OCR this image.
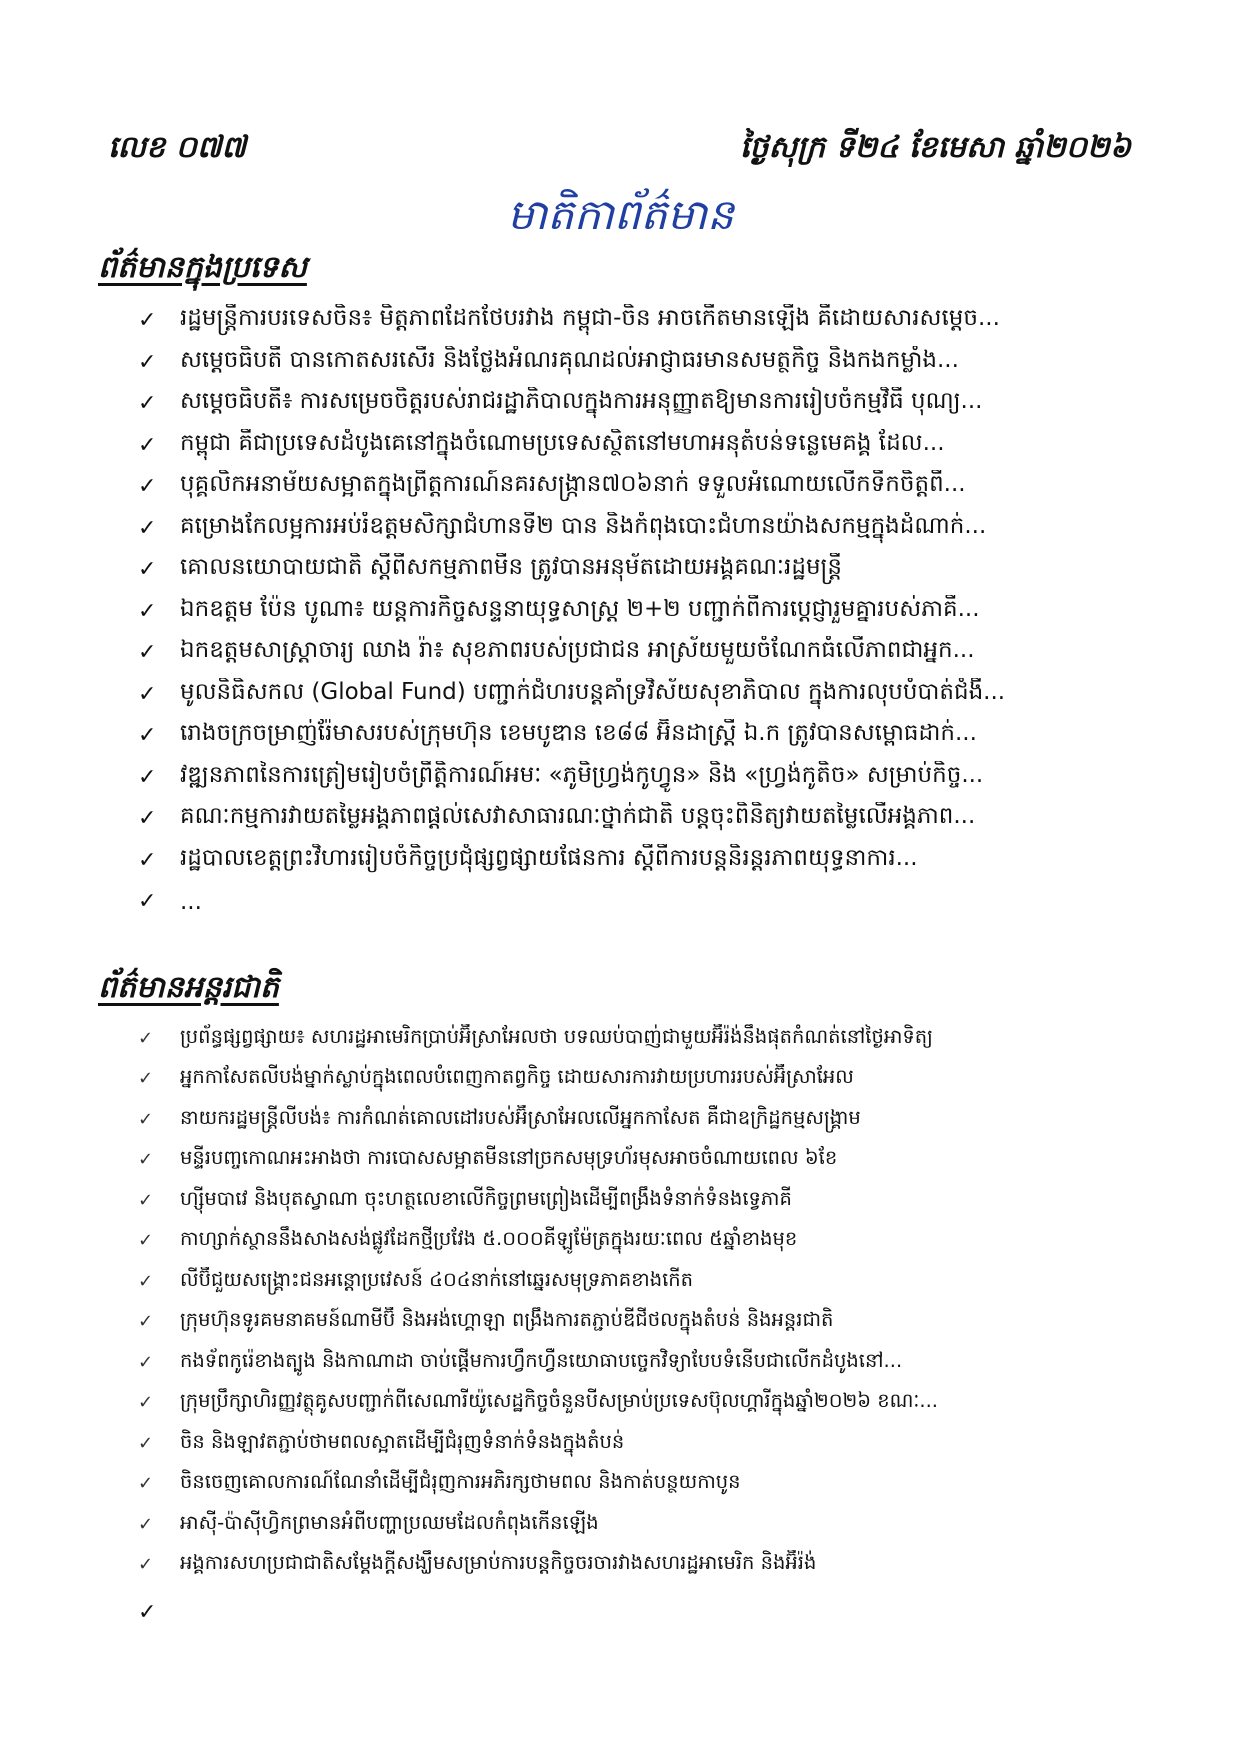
លេខ ០៧៧	ថ្ងៃសុក្រ ទី២៤ ខែមេសា ឆ្នាំ២០២៦
មាតិកាព័ត៌មាន
ព័ត៌មានក្នុងប្រទេស
✓	រដ្ឋមន្ត្រីការបរទេសចិន៖ មិត្តភាពដែកថែបរវាង កម្ពុជា-ចិន អាចកើតមានឡើង គឺដោយសារសម្តេច...
✓	សម្តេចធិបតី បានកោតសរសើរ និងថ្លែងអំណរគុណដល់អាជ្ញាធរមានសមត្ថកិច្ច និងកងកម្លាំង...
✓	សម្តេចធិបតី៖ ការសម្រេចចិត្តរបស់រាជរដ្ឋាភិបាលក្នុងការអនុញ្ញាតឱ្យមានការរៀបចំកម្មវិធី បុណ្យ...
✓	កម្ពុជា គឺជាប្រទេសដំបូងគេនៅក្នុងចំណោមប្រទេសស្ថិតនៅមហាអនុតំបន់ទន្លេមេគង្គ ដែល...
✓	បុគ្គលិកអនាម័យសម្អាតក្នុងព្រឹត្តការណ៍នគរសង្ក្រាន៧០៦នាក់ ទទួលអំណោយលើកទឹកចិត្តពី...
✓	គម្រោងកែលម្អការអប់រំឧត្តមសិក្សាជំហានទី២ បាន និងកំពុងបោះជំហានយ៉ាងសកម្មក្នុងដំណាក់...
✓	គោលនយោបាយជាតិ ស្តីពីសកម្មភាពមីន ត្រូវបានអនុម័តដោយអង្គគណៈរដ្ឋមន្ត្រី
✓	ឯកឧត្តម ប៉ែន បូណា៖ យន្តការកិច្ចសន្ទនាយុទ្ធសាស្ត្រ ២+២ បញ្ជាក់ពីការប្តេជ្ញារួមគ្នារបស់ភាគី...
✓	ឯកឧត្តមសាស្ត្រាចារ្យ ឈាង រ៉ា៖ សុខភាពរបស់ប្រជាជន អាស្រ័យមួយចំណែកធំលើភាពជាអ្នក...
✓	មូលនិធិសកល (Global Fund) បញ្ជាក់ជំហរបន្តគាំទ្រវិស័យសុខាភិបាល ក្នុងការលុបបំបាត់ជំងឺ...
✓	រោងចក្រចម្រាញ់រ៉ែមាសរបស់ក្រុមហ៊ុន ខេមបូឌាន ខេ៨៨ អ៊ិនដាស្ត្រី ឯ.ក ត្រូវបានសម្ពោធដាក់...
✓	វឌ្ឍនភាពនៃការត្រៀមរៀបចំព្រឹត្តិការណ៍អមៈ «ភូមិហ្វ្រង់កូហ្វូន» និង «ហ្វ្រង់កូតិច» សម្រាប់កិច្ច...
✓	គណៈកម្មការវាយតម្លៃអង្គភាពផ្តល់សេវាសាធារណៈថ្នាក់ជាតិ បន្តចុះពិនិត្យវាយតម្លៃលើអង្គភាព...
✓	រដ្ឋបាលខេត្តព្រះវិហាររៀបចំកិច្ចប្រជុំផ្សព្វផ្សាយផែនការ ស្តីពីការបន្តនិរន្តរភាពយុទ្ធនាការ...
✓	...
ព័ត៌មានអន្តរជាតិ
✓	ប្រព័ន្ធផ្សព្វផ្សាយ៖ សហរដ្ឋអាមេរិកប្រាប់អ៊ីស្រាអែលថា បទឈប់បាញ់ជាមួយអ៊ីរ៉ង់នឹងផុតកំណត់នៅថ្ងៃអាទិត្យ
✓	អ្នកកាសែតលីបង់ម្នាក់ស្លាប់ក្នុងពេលបំពេញកាតព្វកិច្ច ដោយសារការវាយប្រហាររបស់អ៊ីស្រាអែល
✓	នាយករដ្ឋមន្ត្រីលីបង់៖ ការកំណត់គោលដៅរបស់អ៊ីស្រាអែលលើអ្នកកាសែត គឺជាឧក្រិដ្ឋកម្មសង្គ្រាម
✓	មន្ទីរបញ្ចកោណអះអាងថា ការបោសសម្អាតមីននៅច្រកសមុទ្រហ័រមុសអាចចំណាយពេល ៦ខែ
✓	ហ្ស៊ីមបាវេ និងបុតស្វាណា ចុះហត្ថលេខាលើកិច្ចព្រមព្រៀងដើម្បីពង្រឹងទំនាក់ទំនងទ្វេភាគី
✓	កាហ្សាក់ស្ថាននឹងសាងសង់ផ្លូវដែកថ្មីប្រវែង ៥.០០០គីឡូម៉ែត្រក្នុងរយៈពេល ៥ឆ្នាំខាងមុខ
✓	លីប៊ីជួយសង្គ្រោះជនអន្តោប្រវេសន៍ ៤០៤នាក់នៅឆ្នេរសមុទ្រភាគខាងកើត
✓	ក្រុមហ៊ុនទូរគមនាគមន៍ណាមីប៊ី និងអង់ហ្គោឡា ពង្រឹងការតភ្ជាប់ឌីជីថលក្នុងតំបន់ និងអន្តរជាតិ
✓	កងទ័ពកូរ៉េខាងត្បូង និងកាណាដា ចាប់ផ្តើមការហ្វឹកហ្វឺនយោធាបច្ចេកវិទ្យាបែបទំនើបជាលើកដំបូងនៅ...
✓	ក្រុមប្រឹក្សាហិរញ្ញវត្ថុគូសបញ្ជាក់ពីសេណារីយ៉ូសេដ្ឋកិច្ចចំនួនបីសម្រាប់ប្រទេសប៊ុលហ្គារីក្នុងឆ្នាំ២០២៦ ខណៈ...
✓	ចិន និងឡាវតភ្ជាប់ថាមពលស្អាតដើម្បីជំរុញទំនាក់ទំនងក្នុងតំបន់
✓	ចិនចេញគោលការណ៍ណែនាំដើម្បីជំរុញការអភិរក្សថាមពល និងកាត់បន្ថយកាបូន
✓	អាស៊ី-ប៉ាស៊ីហ្វិកព្រមានអំពីបញ្ហាប្រឈមដែលកំពុងកើនឡើង
✓	អង្គការសហប្រជាជាតិសម្តែងក្តីសង្ឃឹមសម្រាប់ការបន្តកិច្ចចរចារវាងសហរដ្ឋអាមេរិក និងអ៊ីរ៉ង់
✓
